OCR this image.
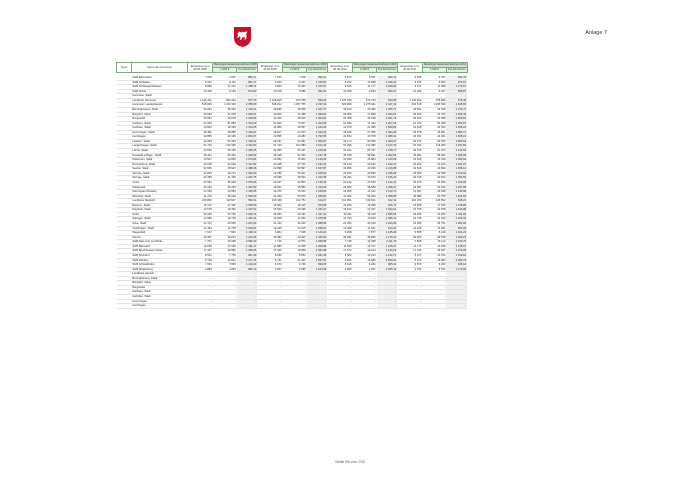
Anlage 7
Typus	Name der Kommune	Einwohner zum 30.06.2008	Bereinigte Gesamteinnahmen 2008		Einwohner zum 30.06.2009	Bereinigte Gesamteinnahmen 2009		Einwohner zum 30.06.2010	Bereinigte Gesamteinnahmen 2010		Einwohner zum 30.06.2011	Bereinigte Gesamteinnahmen 2011	
			1.000 €	€ je Einwohner		1.000 €	€ je Einwohner		1.000 €	€ je Einwohner		1.000 €	€ je Einwohner

	SGB Edemissen	7 005	6 251	881,07	7 013	7 009	999,41	6 913	6 651	962,13	6 848	6 797	992,78
	SGB Schladen	9 417	8 110	861,17	9 263	9 407	1 015,50	9 202	10 998	1 195,23	9 075	8 934	972,67
	SGB Schwiegershausen	8 860	14 412	1 458,74	9 803	13 363	1 372,57	9 545	11 177	1 220,80	9 417	11 098	1 173,67
	SGB Sickte	10 436	9 130	874,83	10 378	9 880	951,91	10 339	9 843	952,07	10 296	9 947	965,87
	Hannover, Stadt	-	-	-	-	-	-	-	-	-	-	-	-
	Landkreis Hannover	1 125 431	652 334	577,70	1 128 816	673 338	596,29	1 129 975	679 733	600,58	1 132 662	708 890	678,40
	Hannover, Landeshaupts.	518 069	1 220 336	2 355,80	518 212	1 357 755	2 237,22	520 966	1 275 041	2 447,43	523 515	1 306 509	2 495,65
	Barsinghausen, Stadt	34 031	38 292	1 125,21	33 835	45 568	1 347,77	33 613	40 482	1 205,71	33 531	42 818	1 276,72
	Burgdorf, Stadt	30 049	37 048	1 045,51	29 902	41 988	1 399,63	29 905	27 899	1 264,62	29 942	43 782	1 406,46
	Burgwedel	20 587	28 678	1 403,66	20 426	28 640	1 404,51	20 488	33 228	1 621,79	20 460	32 998	1 609,52
	Garbsen, Stadt	62 305	81 889	1 313,09	62 009	74 517	1 202,68	61 684	74 433	1 207,03	61 733	80 468	1 306,87
	Gehrden, Stadt	14 843	19 183	1 314,25	14 850	18 537	1 243,26	14 578	21 995	1 509,82	14 615	22 522	1 536,24
	Hemmingen, Stadt	18 481	26 885	1 463,04	18 517	24 373	1 316,23	18 645	27 905	1 464,49	18 678	25 801	1 384,71
	Isernhagen	22 865	42 189	1 843,67	22 855	40 283	1 762,55	22 834	43 578	1 908,11	23 031	44 461	1 935,19
	Laatzen, Stadt	40 353	56 394	1 405,41	40 197	54 391	1 353,07	40 174	59 090	1 464,37	40 270	60 456	1 509,54
	Langenhagen, Stadt	51 726	126 398	2 444,60	51 720	104 983	2 012,44	52 208	110 382	2 107,16	52 191	116 483	2 237,82
	Lehrte, Stadt	43 520	56 185	1 305,25	43 396	53 161	1 225,03	43 224	64 707	1 478,77	43 215	61 152	1 412,94
	Neustadt a.Rbge., Stadt	45 411	56 406	1 246,52	45 328	54 290	1 197,78	45 158	58 821	1 302,56	45 084	58 401	1 296,99
	Pattensen, Stadt	13 927	14 869	1 074,84	13 952	15 902	1 140,30	13 930	15 884	1 140,28	13 930	16 333	1 180,04
	Ronnenberg, Stadt	23 228	32 918	1 417,82	23 228	27 722	1 193,14	23 128	29 192	1 262,22	23 224	31 152	1 341,07
	Seelze, Stadt	32 966	48 907	1 498,18	32 898	50 597	1 547,87	32 806	40 290	1 219,88	32 816	44 833	1 366,14
	Sehnde, Stadt	22 825	29 713	1 301,80	22 789	35 301	1 549,02	22 815	30 893	1 348,28	23 020	32 698	1 419,94
	Springe, Stadt	29 455	41 465	1 407,75	29 398	38 523	1 310,35	29 294	33 870	1 156,23	29 136	40 602	1 393,53
	Uetze	20 351	25 948	1 275,06	20 227	22 803	1 130,30	20 162	23 033	1 142,41	20 120	23 996	1 193,06
	Wedemark	29 160	35 225	1 207,83	29 061	38 580	1 310,06	29 053	38 589	1 328,47	29 087	40 632	1 397,09
	Wennigsen (Deister)	14 159	16 084	1 135,95	14 076	15 022	1 108,81	14 065	16 162	1 143,71	14 097	15 938	1 130,58
	Wunstorf, Stadt	41 379	65 929	1 593,29	41 252	55 970	1 356,80	41 060	56 209	1 368,95	40 985	60 759	1 604,84
	Landkreis Diepholz	216 866	119 907	552,91	216 469	132 754	613,27	214 991	132 541	612,11	216 153	146 552	648,21
	Bassum, Stadt	16 127	17 180	1 068,59	16 062	18 126	879,08	15 930	15 098	916,73	15 828	17 845	1 138,86
	Diepholz, Stadt	16 578	18 352	1 107,02	16 520	23 298	1 441,27	16 612	22 337	1 344,61	16 756	22 878	1 430,98
	Stuhr	33 155	34 790	1 049,74	33 053	43 192	1 317,11	33 011	39 318	1 506,55	33 030	41 360	1 411,93
	Sulingen, Stadt	12 980	18 748	1 461,64	13 008	14 060	1 076,83	12 790	13 629	1 066,12	12 745	16 194	1 425,31
	Syke, Stadt	24 472	29 559	1 207,83	24 444	33 219	1 358,99	24 353	30 319	1 244,99	24 308	33 751	1 383,02
	Twistringen, Stadt	12 494	12 738	1 019,51	12 429	12 515	1 028,61	12 408	11 521	913,42	12 346	13 291	904,09
	Wagenfeld	7 017	7 846	1 118,10	6 954	7 928	1 140,24	6 938	7 877	1 135,28	6 895	8 218	1 191,23
	Weyhe	30 367	36 813	1 212,26	30 383	43 320	1 426,64	30 391	35 980	1 178,10	30 483	39 548	1 300,23
	SGB Altes Amt Lemförde	7 747	15 068	2 053,40	7 719	12 870	1 668,95	7 748	16 468	2 111,79	7 828	16 112	2 313,70
	SGB Barnstorf	12 005	14 390	1 191,17	11 883	14 368	1 208,89	11 818	13 747	1 165,07	11 772	13 648	1 145,67
	SGB Bruchhausen-Vilsen	17 307	18 980	1 096,65	17 243	18 698	1 084,38	17 072	19 103	1 120,26	17 030	18 227	1 070,29
	SGB Kirchdorf	8 561	7 750	901,99	8 532	8 554	1 041,59	8 502	10 013	1 140,71	8 377	10 702	1 199,81
	SGB Rehden	5 729	12 641	2 217,36	5 761	21 191	4 557,51	5 606	16 586	2 953,61	5 670	16 982	2 993,79
	SGB Schwaförden	7 034	7 868	1 120,29	6 973	6 736	999,35	6 915	6 260	905,31	6 873	6 360	925,16
	SGB Siedenburg	4 853	4 253	896,10	4 847	5 356	1 104,99	4 806	4 927	1 025,13	4 752	5 541	1 173,84
	Landkreis Hameln	-	-	-	-	-	-	-	-	-	-	-	-
	Bevinghausen, Stadt	-	-	-	-	-	-	-	-	-	-	-	-
	Burgdorf, Stadt	-	-	-	-	-	-	-	-	-	-	-	-
	Burgwedel	-	-	-	-	-	-	-	-	-	-	-	-
	Garbsen, Stadt	-	-	-	-	-	-	-	-	-	-	-	-
	Gehrden, Stadt	-	-	-	-	-	-	-	-	-	-	-	-
	Hemmingen	-	-	-	-	-	-	-	-	-	-	-	-
	Isernhagen	-	-	-	-	-	-	-	-	-	-	-	-
Seite 55 von 232
